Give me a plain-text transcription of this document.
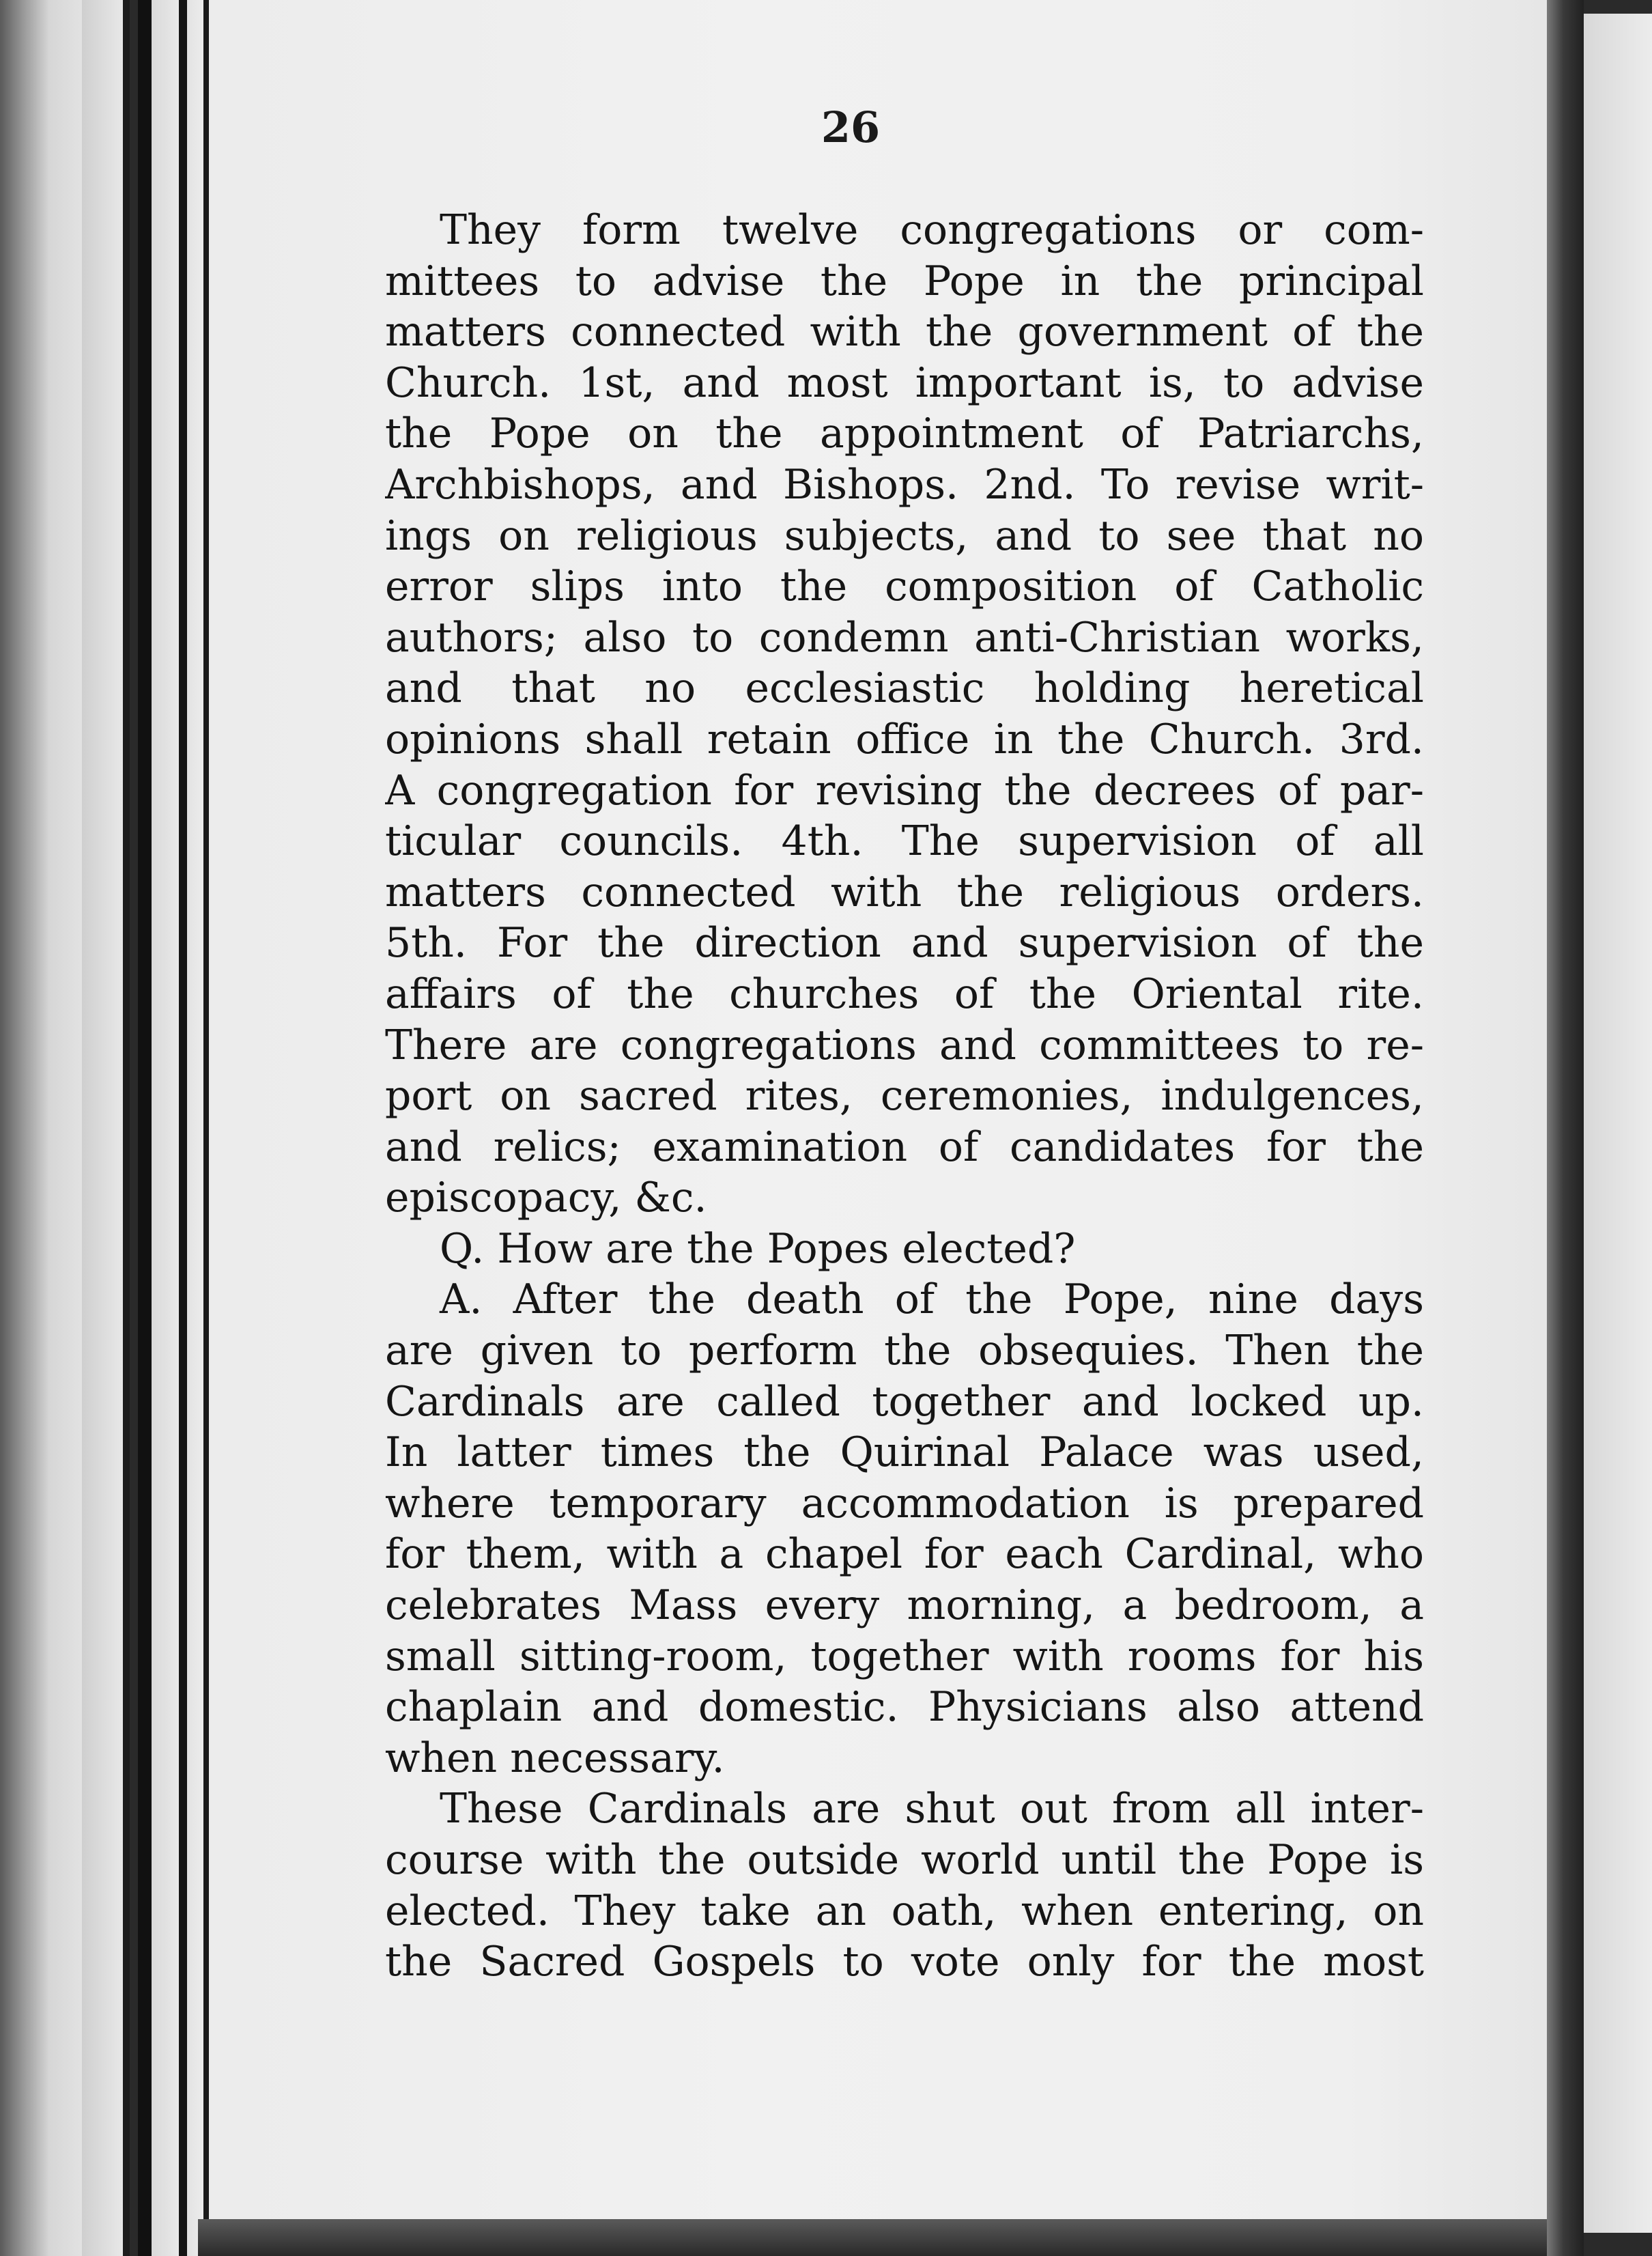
26
They form twelve congregations or com-
mittees to advise the Pope in the principal
matters connected with the government of the
Church. 1st, and most important is, to advise
the Pope on the appointment of Patriarchs,
Archbishops, and Bishops. 2nd. To revise writ-
ings on religious subjects, and to see that no
error slips into the composition of Catholic
authors; also to condemn anti-Christian works,
and that no ecclesiastic holding heretical
opinions shall retain office in the Church. 3rd.
A congregation for revising the decrees of par-
ticular councils. 4th. The supervision of all
matters connected with the religious orders.
5th. For the direction and supervision of the
affairs of the churches of the Oriental rite.
There are congregations and committees to re-
port on sacred rites, ceremonies, indulgences,
and relics; examination of candidates for the
episcopacy, &c.
Q. How are the Popes elected?
A. After the death of the Pope, nine days
are given to perform the obsequies. Then the
Cardinals are called together and locked up.
In latter times the Quirinal Palace was used,
where temporary accommodation is prepared
for them, with a chapel for each Cardinal, who
celebrates Mass every morning, a bedroom, a
small sitting-room, together with rooms for his
chaplain and domestic. Physicians also attend
when necessary.
These Cardinals are shut out from all inter-
course with the outside world until the Pope is
elected. They take an oath, when entering, on
the Sacred Gospels to vote only for the most
